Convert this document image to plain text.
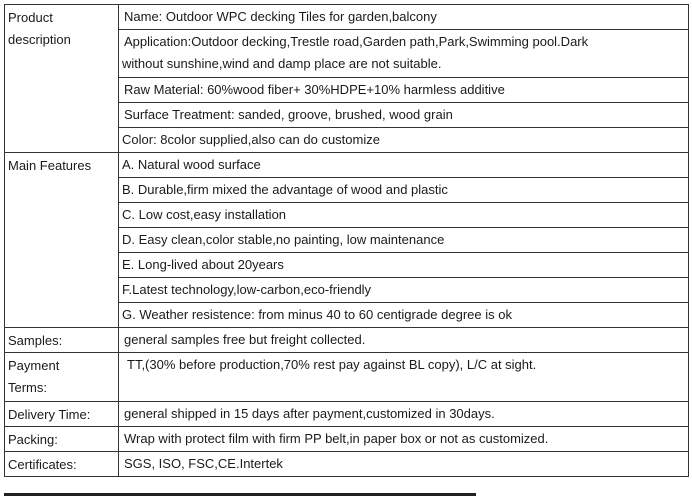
Product
description	Name: Outdoor WPC decking Tiles for garden,balcony
	Application:Outdoor decking,Trestle road,Garden path,Park,Swimming pool.Dark
without sunshine,wind and damp place are not suitable.

	Raw Material: 60%wood fiber+ 30%HDPE+10% harmless additive
	Surface Treatment: sanded, groove, brushed, wood grain
	Color: 8color supplied,also can do customize
Main Features	A. Natural wood surface
	B. Durable,firm mixed the advantage of wood and plastic
	C. Low cost,easy installation
	D. Easy clean,color stable,no painting, low maintenance
	E. Long-lived about 20years
	F.Latest technology,low-carbon,eco-friendly
	G. Weather resistence: from minus 40 to 60 centigrade degree is ok
Samples:	general samples free but freight collected.
Payment
Terms:	TT,(30% before production,70% rest pay against BL copy), L/C at sight.
Delivery Time:	general shipped in 15 days after payment,customized in 30days.
Packing:	Wrap with protect film with firm PP belt,in paper box or not as customized.
Certificates:	SGS, ISO, FSC,CE.Intertek
